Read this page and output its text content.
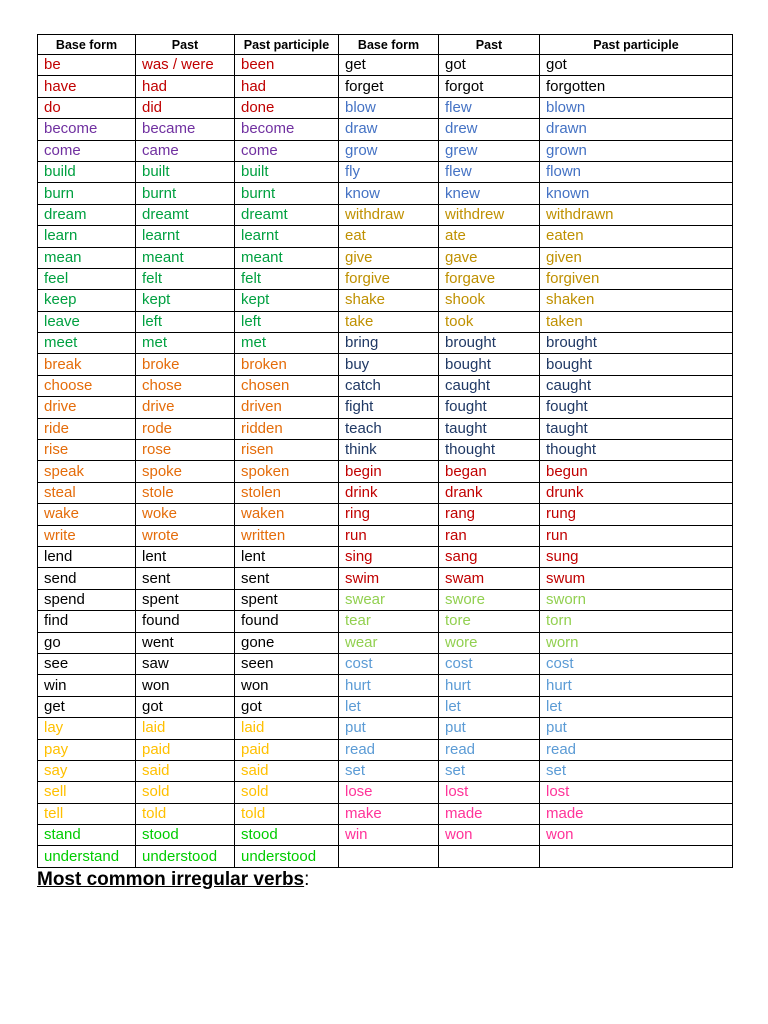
Base form	Past	Past participle	Base form	Past	Past participle
be	was / were	been	get	got	got
have	had	had	forget	forgot	forgotten
do	did	done	blow	flew	blown
become	became	become	draw	drew	drawn
come	came	come	grow	grew	grown
build	built	built	fly	flew	flown
burn	burnt	burnt	know	knew	known
dream	dreamt	dreamt	withdraw	withdrew	withdrawn
learn	learnt	learnt	eat	ate	eaten
mean	meant	meant	give	gave	given
feel	felt	felt	forgive	forgave	forgiven
keep	kept	kept	shake	shook	shaken
leave	left	left	take	took	taken
meet	met	met	bring	brought	brought
break	broke	broken	buy	bought	bought
choose	chose	chosen	catch	caught	caught
drive	drive	driven	fight	fought	fought
ride	rode	ridden	teach	taught	taught
rise	rose	risen	think	thought	thought
speak	spoke	spoken	begin	began	begun
steal	stole	stolen	drink	drank	drunk
wake	woke	waken	ring	rang	rung
write	wrote	written	run	ran	run
lend	lent	lent	sing	sang	sung
send	sent	sent	swim	swam	swum
spend	spent	spent	swear	swore	sworn
find	found	found	tear	tore	torn
go	went	gone	wear	wore	worn
see	saw	seen	cost	cost	cost
win	won	won	hurt	hurt	hurt
get	got	got	let	let	let
lay	laid	laid	put	put	put
pay	paid	paid	read	read	read
say	said	said	set	set	set
sell	sold	sold	lose	lost	lost
tell	told	told	make	made	made
stand	stood	stood	win	won	won
understand	understood	understood			
Most common irregular verbs:
